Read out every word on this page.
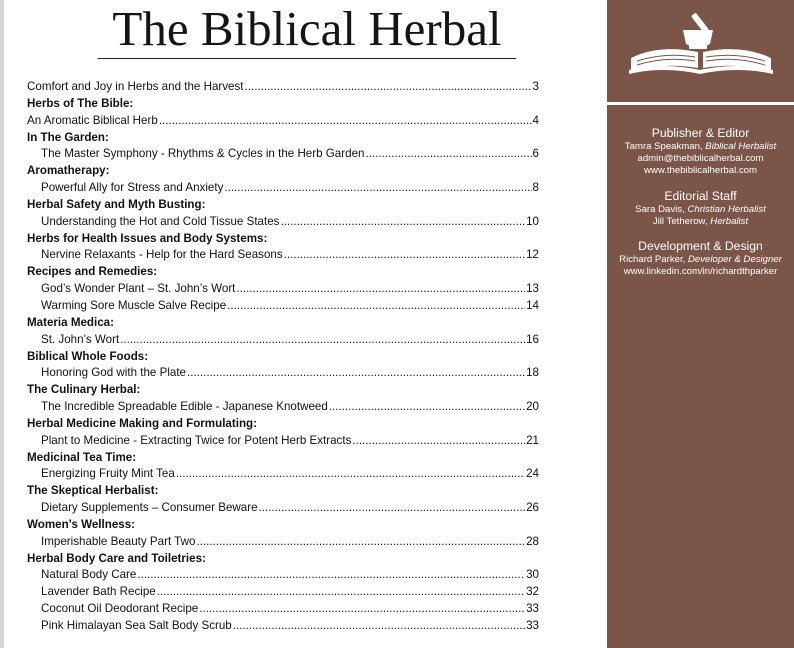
The Biblical Herbal
Comfort and Joy in Herbs and the Harvest .....	3
Herbs of The Bible:
An Aromatic Biblical Herb .....	4
In The Garden:
The Master Symphony - Rhythms & Cycles in the Herb Garden .....	6
Aromatherapy:
Powerful Ally for Stress and Anxiety .....	8
Herbal Safety and Myth Busting:
Understanding the Hot and Cold Tissue States .....	10
Herbs for Health Issues and Body Systems:
Nervine Relaxants - Help for the Hard Seasons .....	12
Recipes and Remedies:
God’s Wonder Plant – St. John’s Wort .....	13
Warming Sore Muscle Salve Recipe .....	14
Materia Medica:
St. John’s Wort .....	16
Biblical Whole Foods:
Honoring God with the Plate .....	18
The Culinary Herbal:
The Incredible Spreadable Edible - Japanese Knotweed .....	20
Herbal Medicine Making and Formulating:
Plant to Medicine - Extracting Twice for Potent Herb Extracts .....	21
Medicinal Tea Time:
Energizing Fruity Mint Tea .....	24
The Skeptical Herbalist:
Dietary Supplements – Consumer Beware .....	26
Women’s Wellness:
Imperishable Beauty Part Two .....	28
Herbal Body Care and Toiletries:
Natural Body Care .....	30
Lavender Bath Recipe .....	32
Coconut Oil Deodorant Recipe .....	33
Pink Himalayan Sea Salt Body Scrub .....	33
Publisher & Editor
Tamra Speakman, Biblical Herbalist
admin@thebiblicalherbal.com
www.thebiblicalherbal.com
Editorial Staff
Sara Davis, Christian Herbalist
Jill Tetherow, Herbalist
Development & Design
Richard Parker, Developer & Designer
www.linkedin.com/in/richardthparker
